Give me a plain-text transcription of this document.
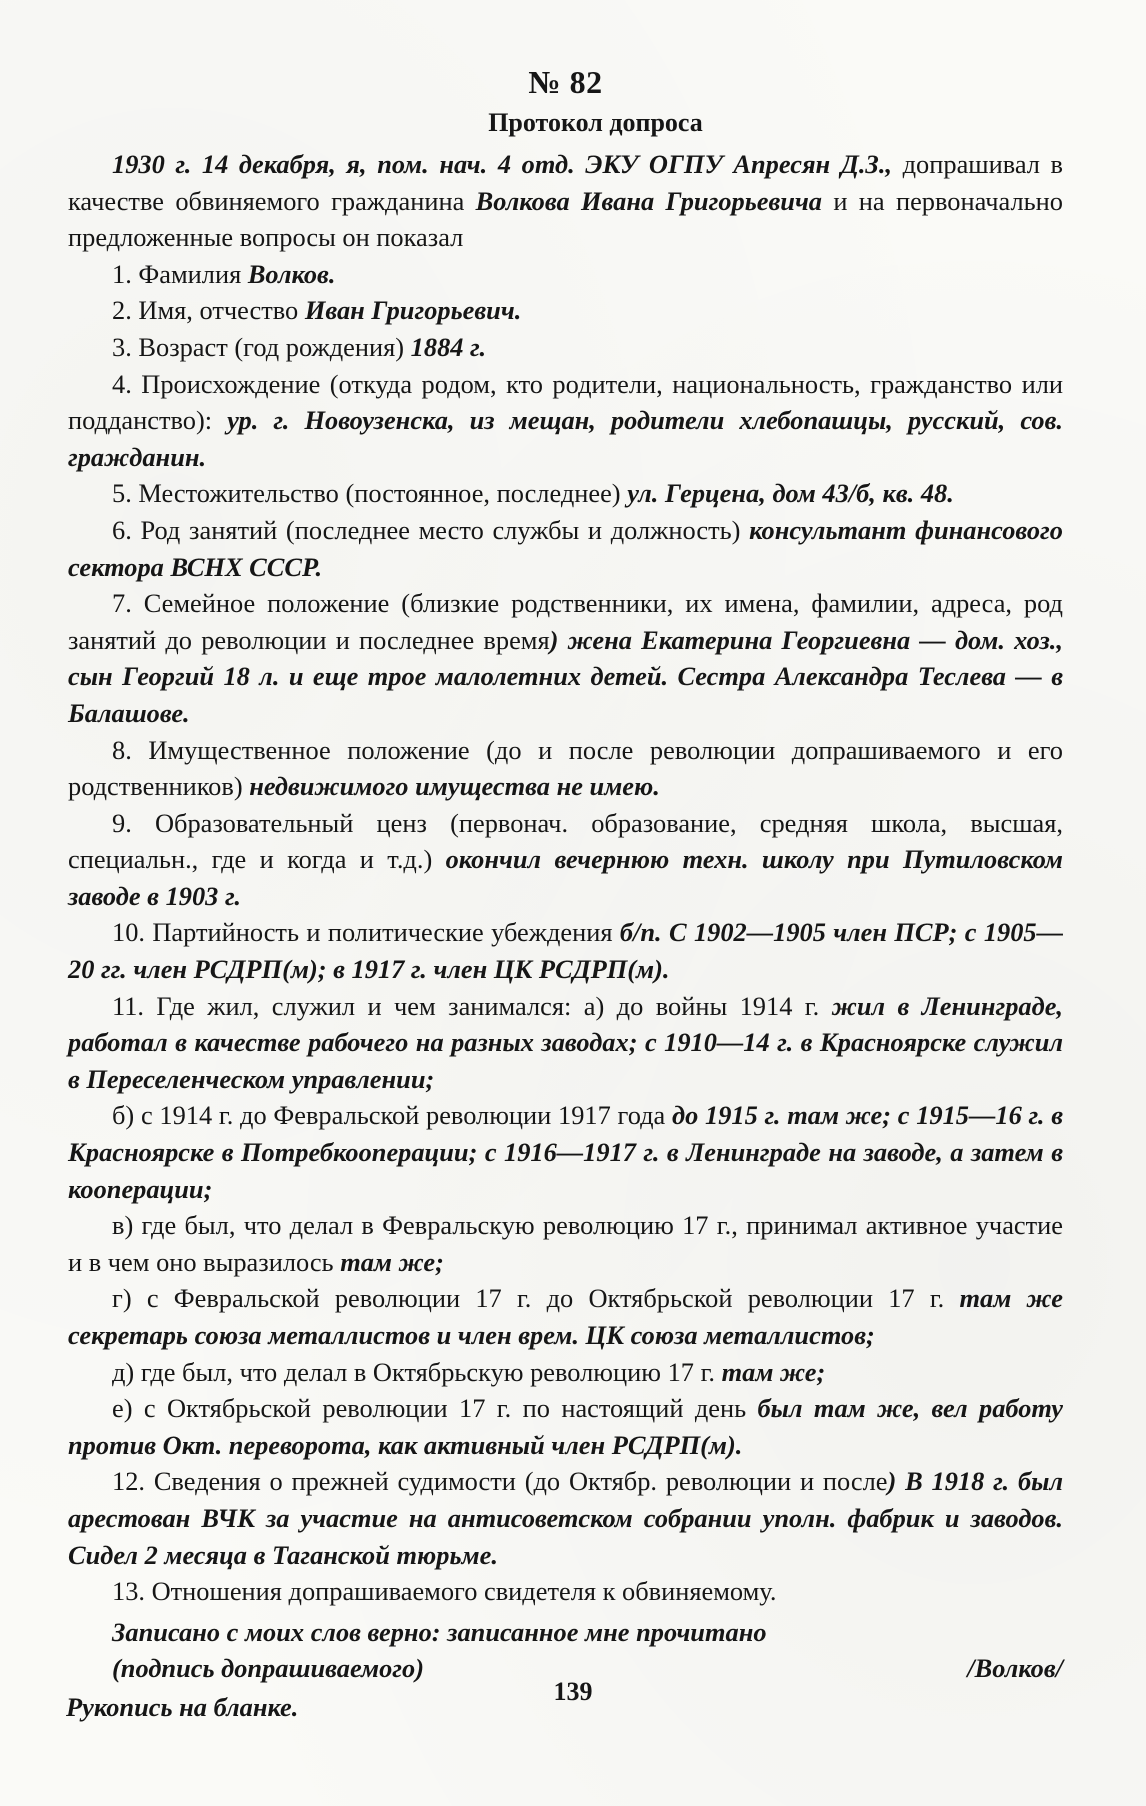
№ 82
Протокол допроса

1930 г. 14 декабря, я, пом. нач. 4 отд. ЭКУ ОГПУ Апресян Д.З., допрашивал в качестве обвиняемого гражданина Волкова Ивана Григорьевича и на первоначально предложенные вопросы он показал

1. Фамилия Волков.

2. Имя, отчество Иван Григорьевич.

3. Возраст (год рождения) 1884 г.

4. Происхождение (откуда родом, кто родители, национальность, гражданство или подданство): ур. г. Новоузенска, из мещан, родители хлебопашцы, русский, сов. гражданин.

5. Местожительство (постоянное, последнее) ул. Герцена, дом 43/б, кв. 48.

6. Род занятий (последнее место службы и должность) консультант финансового сектора ВСНХ СССР.

7. Семейное положение (близкие родственники, их имена, фамилии, адреса, род занятий до революции и последнее время) жена Екатерина Георгиевна — дом. хоз., сын Георгий 18 л. и еще трое малолетних детей. Сестра Александра Теслева — в Балашове.

8. Имущественное положение (до и после революции допрашиваемого и его родственников) недвижимого имущества не имею.

9. Образовательный ценз (первонач. образование, средняя школа, высшая, специальн., где и когда и т.д.) окончил вечернюю техн. школу при Путиловском заводе в 1903 г.

10. Партийность и политические убеждения б/п. С 1902—1905 член ПСР; с 1905—20 гг. член РСДРП(м); в 1917 г. член ЦК РСДРП(м).

11. Где жил, служил и чем занимался: а) до войны 1914 г. жил в Ленинграде, работал в качестве рабочего на разных заводах; с 1910—14 г. в Красноярске служил в Переселенческом управлении;

б) с 1914 г. до Февральской революции 1917 года до 1915 г. там же; с 1915—16 г. в Красноярске в Потребкооперации; с 1916—1917 г. в Ленинграде на заводе, а затем в кооперации;

в) где был, что делал в Февральскую революцию 17 г., принимал активное участие и в чем оно выразилось там же;

г) с Февральской революции 17 г. до Октябрьской революции 17 г. там же секретарь союза металлистов и член врем. ЦК союза металлистов;

д) где был, что делал в Октябрьскую революцию 17 г. там же;

е) с Октябрьской революции 17 г. по настоящий день был там же, вел работу против Окт. переворота, как активный член РСДРП(м).

12. Сведения о прежней судимости (до Октябр. революции и после) В 1918 г. был арестован ВЧК за участие на антисоветском собрании уполн. фабрик и заводов. Сидел 2 месяца в Таганской тюрьме.

13. Отношения допрашиваемого свидетеля к обвиняемому.

Записано с моих слов верно: записанное мне прочитано
(подпись допрашиваемого)	/Волков/
Рукопись на бланке.
139
